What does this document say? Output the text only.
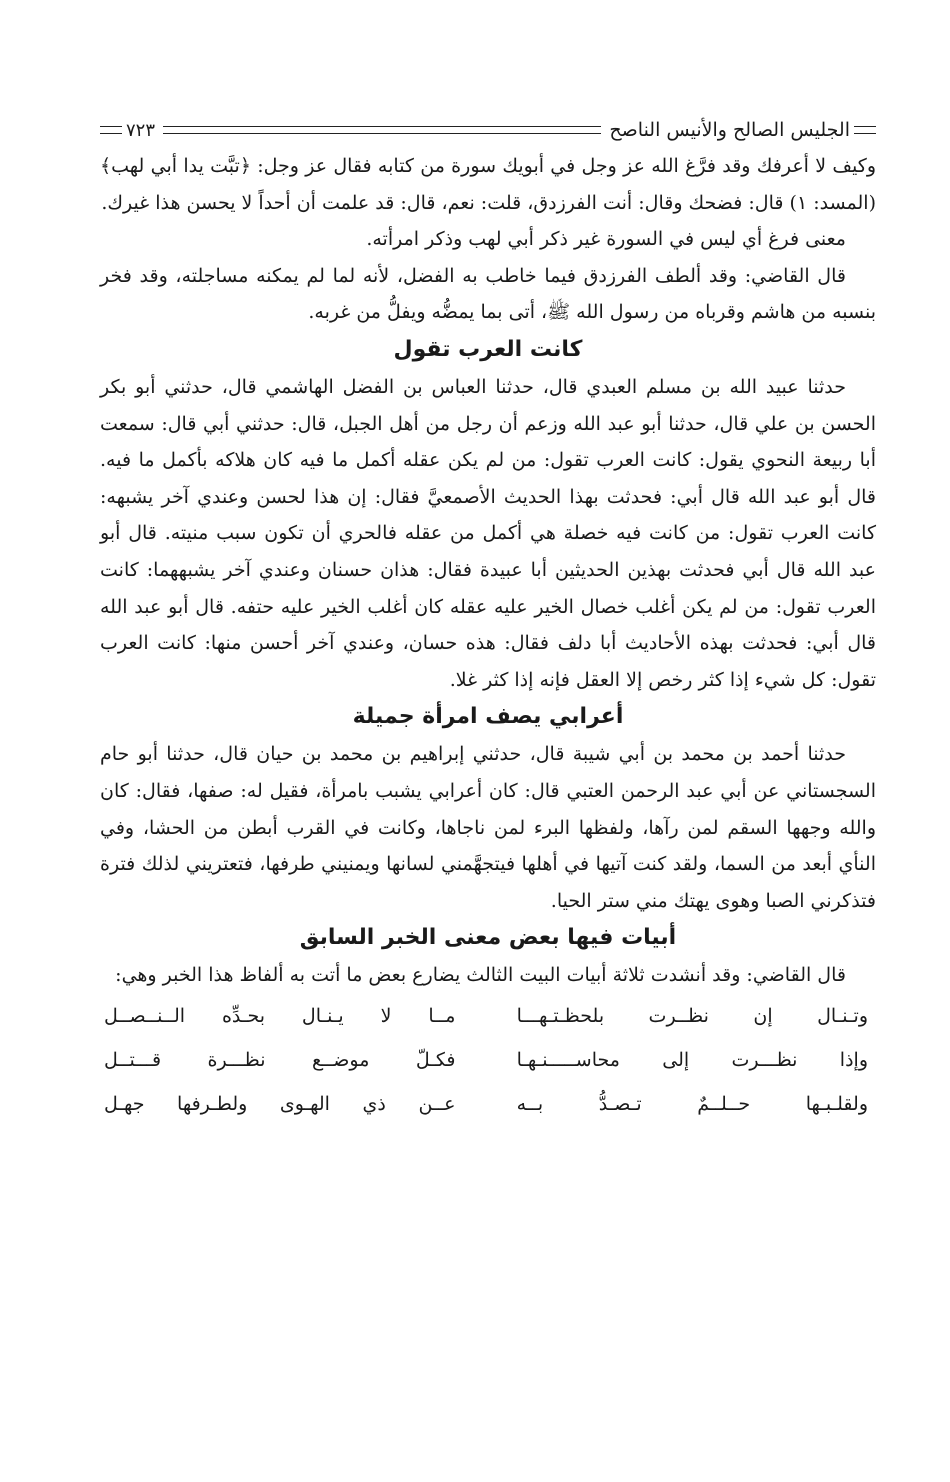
الجليس الصالح والأنيس الناصح
٧٢٣

وكيف لا أعرفك وقد فرَّغ الله عز وجل في أبويك سورة من كتابه فقال عز وجل: ﴿تبَّت يدا أبي لهب﴾ (المسد: ١) قال: فضحك وقال: أنت الفرزدق، قلت: نعم، قال: قد علمت أن أحداً لا يحسن هذا غيرك.

معنى فرغ أي ليس في السورة غير ذكر أبي لهب وذكر امرأته.

قال القاضي: وقد ألطف الفرزدق فيما خاطب به الفضل، لأنه لما لم يمكنه مساجلته، وقد فخر بنسبه من هاشم وقرباه من رسول الله ﷺ، أتى بما يمضُّه ويفلُّ من غربه.

كانت العرب تقول

حدثنا عبيد الله بن مسلم العبدي قال، حدثنا العباس بن الفضل الهاشمي قال، حدثني أبو بكر الحسن بن علي قال، حدثنا أبو عبد الله وزعم أن رجل من أهل الجبل، قال: حدثني أبي قال: سمعت أبا ربيعة النحوي يقول: كانت العرب تقول: من لم يكن عقله أكمل ما فيه كان هلاكه بأكمل ما فيه. قال أبو عبد الله قال أبي: فحدثت بهذا الحديث الأصمعيَّ فقال: إن هذا لحسن وعندي آخر يشبهه: كانت العرب تقول: من كانت فيه خصلة هي أكمل من عقله فالحري أن تكون سبب منيته. قال أبو عبد الله قال أبي فحدثت بهذين الحديثين أبا عبيدة فقال: هذان حسنان وعندي آخر يشبههما: كانت العرب تقول: من لم يكن أغلب خصال الخير عليه عقله كان أغلب الخير عليه حتفه. قال أبو عبد الله قال أبي: فحدثت بهذه الأحاديث أبا دلف فقال: هذه حسان، وعندي آخر أحسن منها: كانت العرب تقول: كل شيء إذا كثر رخص إلا العقل فإنه إذا كثر غلا.

أعرابي يصف امرأة جميلة

حدثنا أحمد بن محمد بن أبي شيبة قال، حدثني إبراهيم بن محمد بن حيان قال، حدثنا أبو حام السجستاني عن أبي عبد الرحمن العتبي قال: كان أعرابي يشبب بامرأة، فقيل له: صفها، فقال: كان والله وجهها السقم لمن رآها، ولفظها البرء لمن ناجاها، وكانت في القرب أبطن من الحشا، وفي النأي أبعد من السما، ولقد كنت آتيها في أهلها فيتجهَّمني لسانها ويمنيني طرفها، فتعتريني لذلك فترة فتذكرني الصبا وهوى يهتك مني ستر الحيا.

أبيات فيها بعض معنى الخبر السابق

قال القاضي: وقد أنشدت ثلاثة أبيات البيت الثالث يضارع بعض ما أتت به ألفاظ هذا الخبر وهي:

وتـنـال إن نظــرت بلحظـتـهـــا
مــا لا يـنـال بحـدِّه الــنــصــل
وإذا نظـــرت إلى محاســـــنـهـا
فكـلّ موضــع نظـــرة قـــتــل
ولقلـبـها حــلــمٌ تـصـدُّ بــه
عــن ذي الهـوى ولطـرفها جهـل
